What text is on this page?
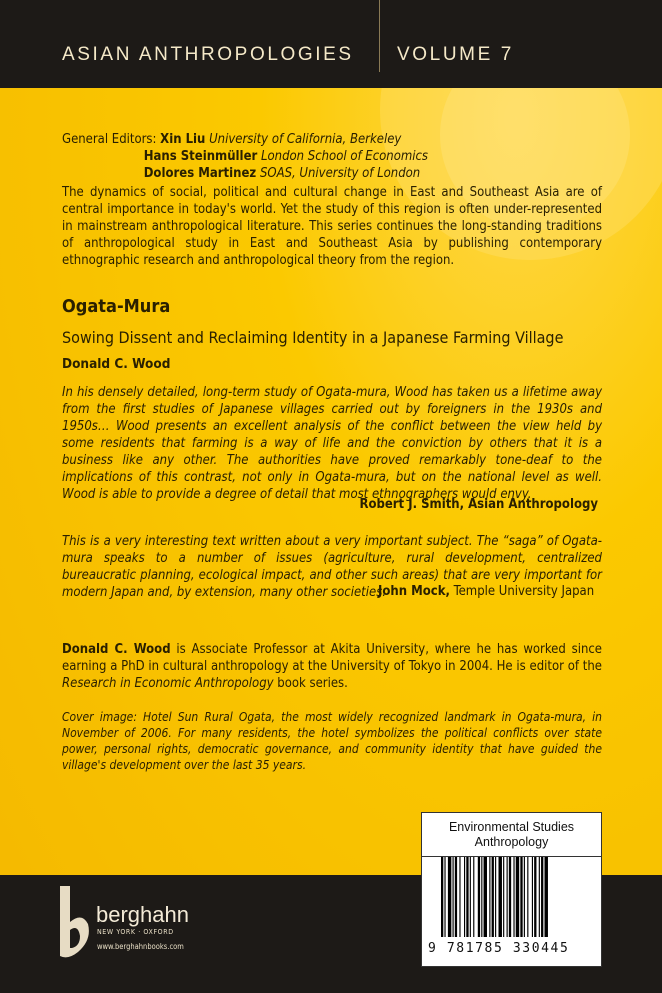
ASIAN ANTHROPOLOGIES VOLUME 7
General Editors: Xin Liu University of California, Berkeley
Hans Steinmüller London School of Economics
Dolores Martinez SOAS, University of London
The dynamics of social, political and cultural change in East and Southeast Asia are of central importance in today's world. Yet the study of this region is often under-represented in mainstream anthropological literature. This series continues the long-standing traditions of anthropological study in East and Southeast Asia by publishing contemporary ethnographic research and anthropological theory from the region.
Ogata-Mura
Sowing Dissent and Reclaiming Identity in a Japanese Farming Village
Donald C. Wood
In his densely detailed, long-term study of Ogata-mura, Wood has taken us a lifetime away from the first studies of Japanese villages carried out by foreigners in the 1930s and 1950s… Wood presents an excellent analysis of the conflict between the view held by some residents that farming is a way of life and the conviction by others that it is a business like any other. The authorities have proved remarkably tone-deaf to the implications of this contrast, not only in Ogata-mura, but on the national level as well. Wood is able to provide a degree of detail that most ethnographers would envy.
Robert J. Smith, Asian Anthropology
This is a very interesting text written about a very important subject. The “saga” of Ogata-mura speaks to a number of issues (agriculture, rural development, centralized bureaucratic planning, ecological impact, and other such areas) that are very important for modern Japan and, by extension, many other societies.
John Mock, Temple University Japan
Donald C. Wood is Associate Professor at Akita University, where he has worked since earning a PhD in cultural anthropology at the University of Tokyo in 2004. He is editor of the Research in Economic Anthropology book series.
Cover image: Hotel Sun Rural Ogata, the most widely recognized landmark in Ogata-mura, in November of 2006. For many residents, the hotel symbolizes the political conflicts over state power, personal rights, democratic governance, and community identity that have guided the village's development over the last 35 years.
berghahn
NEW YORK · OXFORD
www.berghahnbooks.com
Environmental Studies
Anthropology
9 781785 330445
